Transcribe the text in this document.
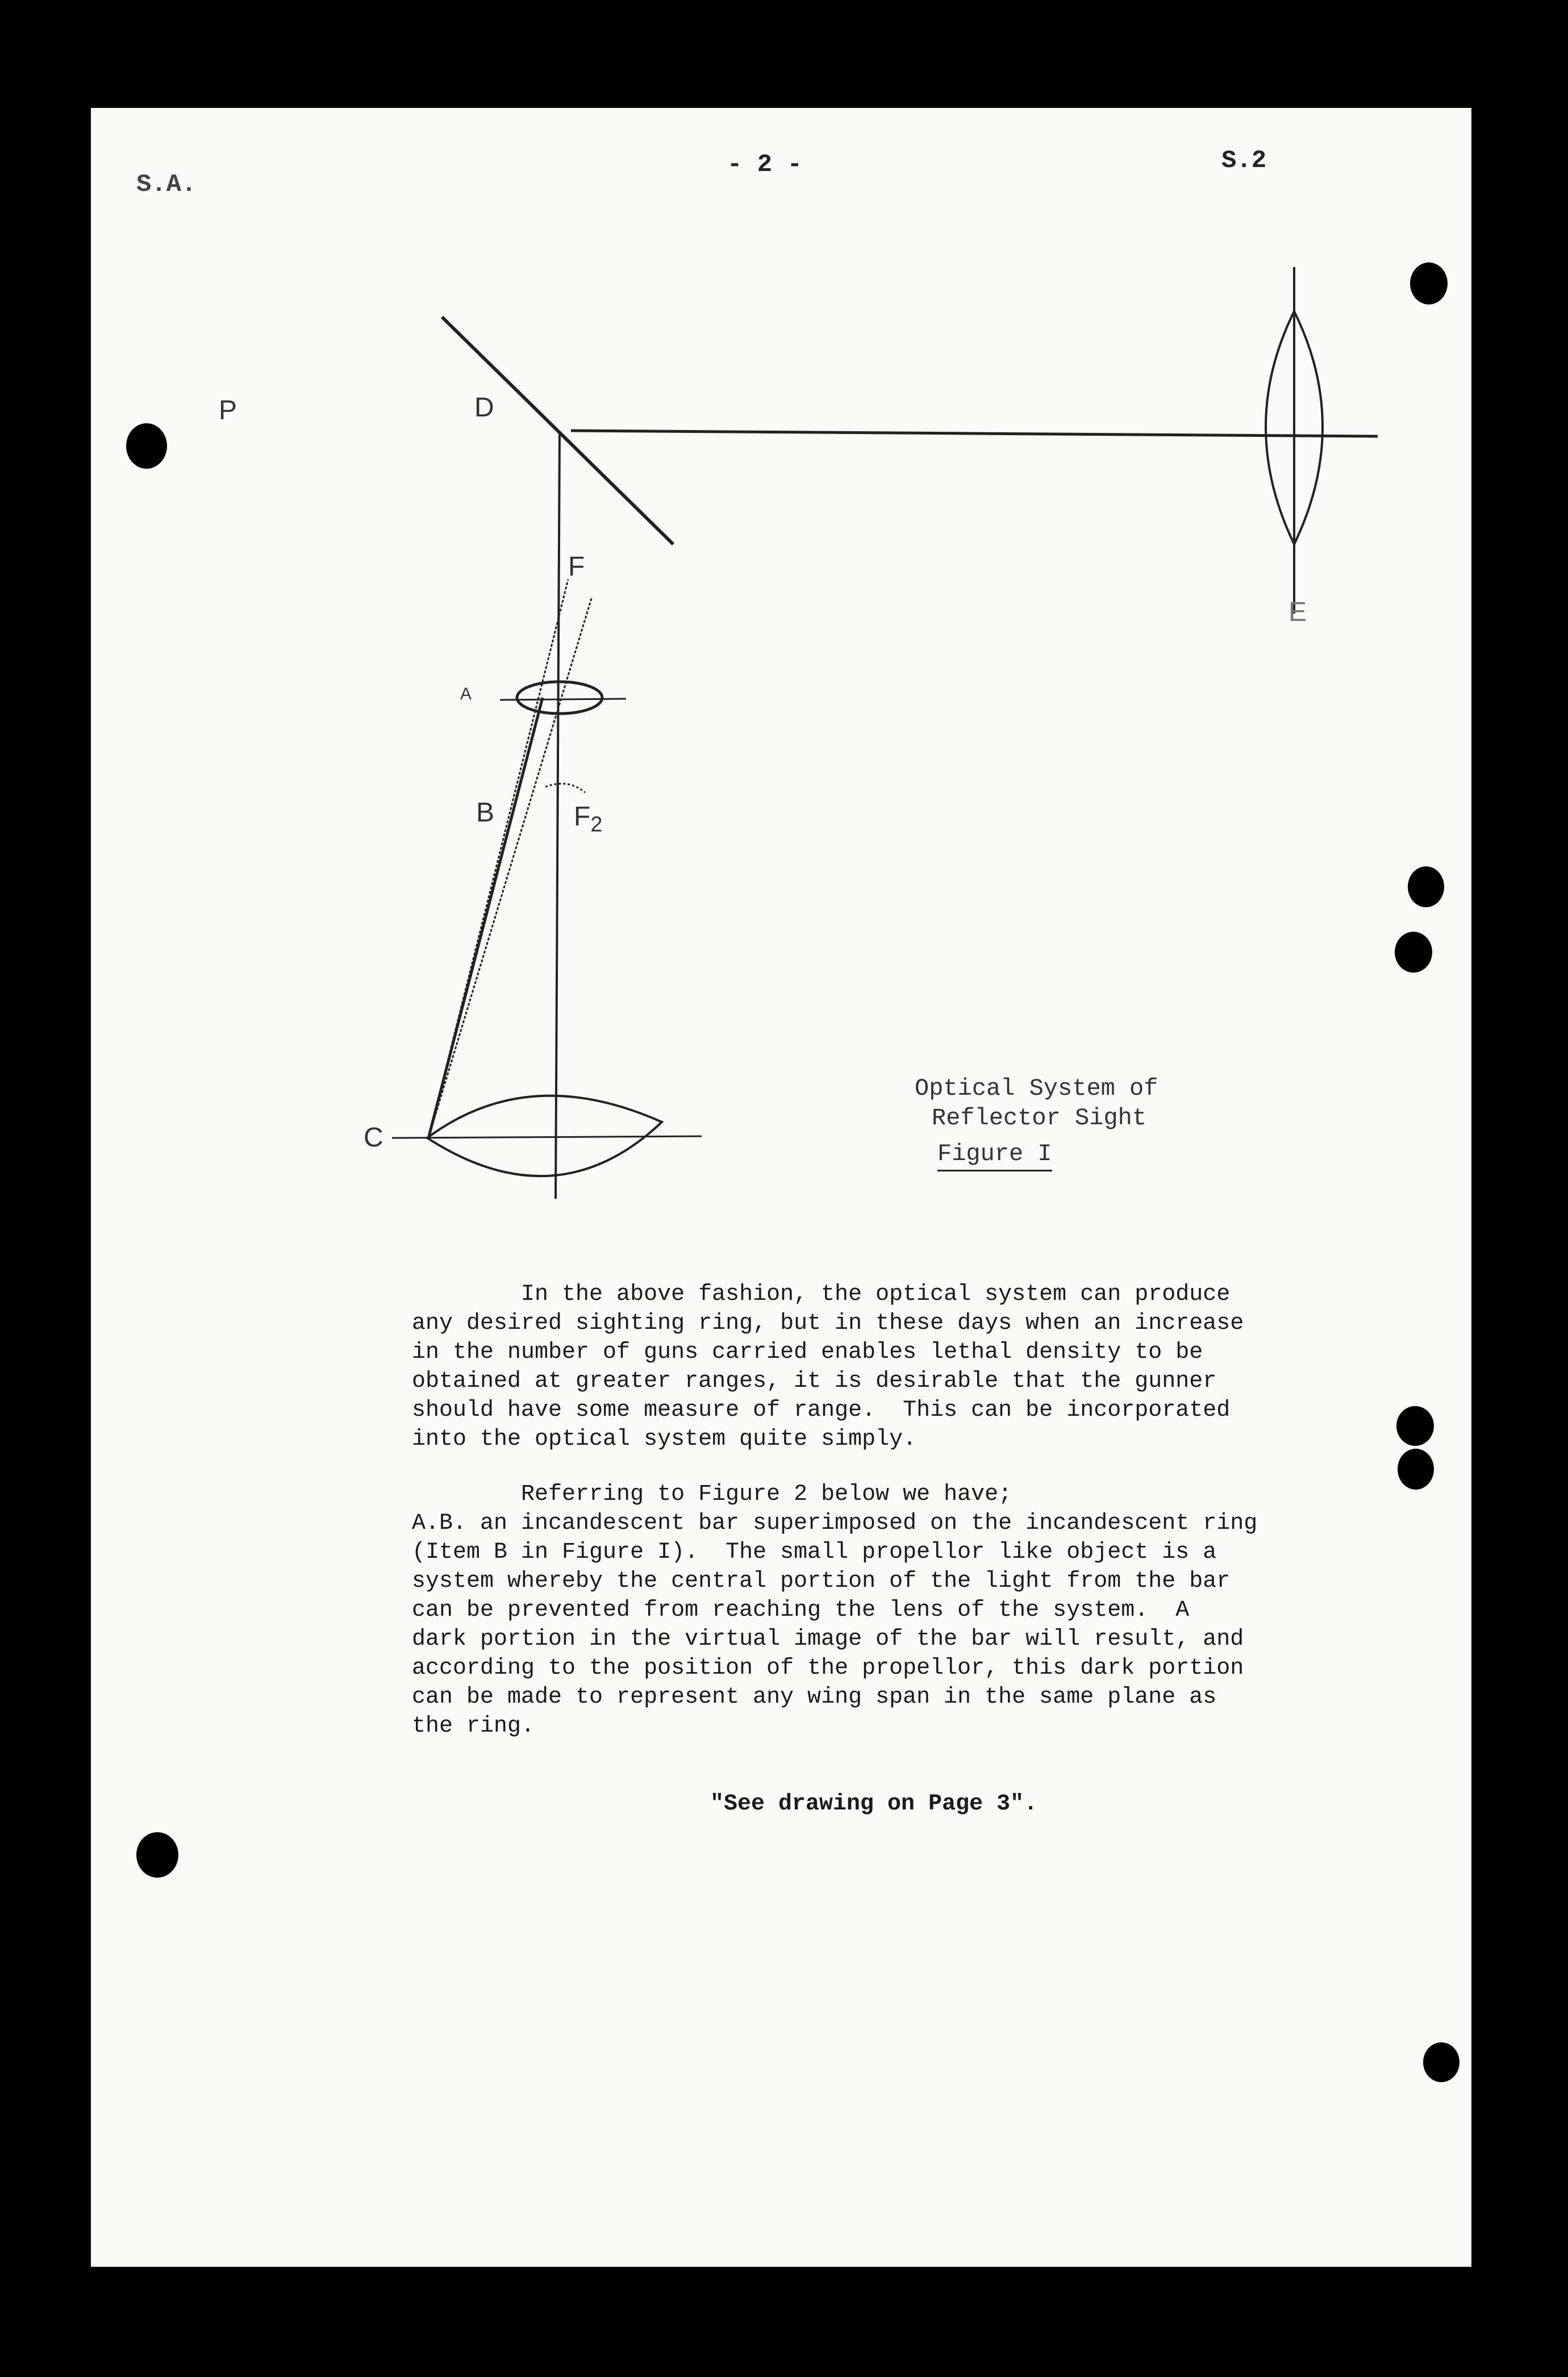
S.A.
- 2 -	S.2
P	D
E
F
A
B	$F_2$
C
Optical System of
Reflector Sight
Figure I
In the above fashion, the optical system can produce
any desired sighting ring, but in these days when an increase
in the number of guns carried enables lethal density to be
obtained at greater ranges, it is desirable that the gunner
should have some measure of range.  This can be incorporated
into the optical system quite simply.
Referring to Figure 2 below we have;
A.B. an incandescent bar superimposed on the incandescent ring
(Item B in Figure I).  The small propellor like object is a
system whereby the central portion of the light from the bar
can be prevented from reaching the lens of the system.  A
dark portion in the virtual image of the bar will result, and
according to the position of the propellor, this dark portion
can be made to represent any wing span in the same plane as
the ring.
"See drawing on Page 3".
